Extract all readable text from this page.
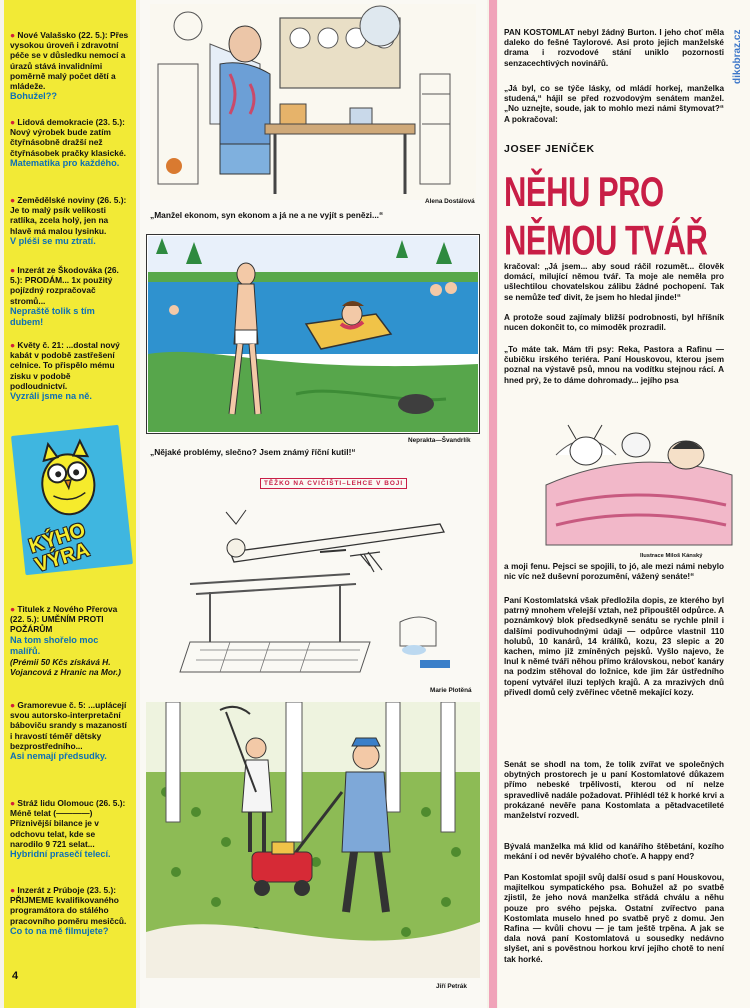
● Nové Valašsko (22. 5.): Přes vysokou úroveň i zdravotní péče se v důsledku nemocí a úrazů stává invalidními poměrně malý počet dětí a mládeže.
Bohužel??
● Lidová demokracie (23. 5.): Nový výrobek bude zatím čtyřnásobně dražší než čtyřnásobek pračky klasické.
Matematika pro každého.
● Zemědělské noviny (26. 5.): Je to malý psík velikosti ratlíka, zcela holý, jen na hlavě má malou lysinku.
V pléši se mu ztratí.
● Inzerát ze Škodováka (26. 5.): PRODÁM... 1x použitý pojízdný rozpračovač stromů...
Nepraště tolik s tím dubem!
● Květy č. 21: ...dostal nový kabát v podobě zastřešení celnice. To přispělo mému zisku v podobě podloudnictví.
Vyzráli jsme na ně.
KÝHO VÝRA
● Titulek z Nového Přerova (22. 5.): UMĚNÍM PROTI POŽÁRŮM
Na tom shořelo moc malířů.
(Prémii 50 Kčs získává H. Vojancová z Hranic na Mor.)
● Gramorevue č. 5: ...uplácejí svou autorsko-interpretační báboviču srandy s mazaností i hravostí téměř dětsky bezprostředního...
Asi nemají předsudky.
● Stráž lidu Olomouc (26. 5.): Méně telat (————) Příznivější bilance je v odchovu telat, kde se narodilo 9 721 selat...
Hybridní prasečí telecí.
● Inzerát z Prúboje (23. 5.): PŘIJMEME kvalifikovaného programátora do stálého pracovního poměru mesičců.
Co to na mě filmujete?
4
Alena Dostálová
„Manžel ekonom, syn ekonom a já ne a ne vyjít s penězi...“
Neprakta—Švandrlík
„Nějaké problémy, slečno? Jsem známý říční kutil!“
TĚŽKO NA CVIČIŠTI–LEHCE V BOJI
Marie Plotěná
Jiří Petrák
dikobraz.cz
PAN KOSTOMLAT nebyl žádný Burton. I jeho choť měla daleko do fešné Taylorové. Asi proto jejich manželské drama i rozvodové stání uniklo pozornosti senzacechtivých novinářů.
„Já byl, co se týče lásky, od mládí horkej, manželka studená,“ hájil se před rozvodovým senátem manžel. „No uznejte, soude, jak to mohlo mezi námi štymovat?“ A pokračoval:
JOSEF JENÍČEK
NĚHU PRO NĚMOU TVÁŘ
kračoval: „Já jsem... aby soud ráčil rozumět... člověk domácí, milující němou tvář. Ta moje ale neměla pro ušlechtilou chovatelskou zálibu žádné pochopení. Tak se nemůže teď divit, že jsem ho hledal jinde!“
A protože soud zajímaly bližší podrobnosti, byl hříšník nucen dokončit to, co mimoděk prozradil.
„To máte tak. Mám tři psy: Reka, Pastora a Rafinu — čubičku irského teriéra. Paní Houskovou, kterou jsem poznal na výstavě psů, mnou na vodítku stejnou rácí. A hned prý, že to dáme dohromady... jejího psa
Ilustrace Miloš Kánský
a moji fenu. Pejsci se spojili, to jó, ale mezi námi nebylo nic víc než duševní porozumění, vážený senáte!“
Paní Kostomlatská však předložila dopis, ze kterého byl patrný mnohem vřelejší vztah, než připouštěl odpůrce. A poznámkový blok předsedkyně senátu se rychle plnil i dalšími podivuhodnými údaji — odpůrce vlastnil 110 holubů, 10 kanárů, 14 králíků, kozu, 23 slepic a 20 kachen, mimo již zmíněných pejsků. Vyšlo najevo, že lnul k němé tváři něhou přímo královskou, neboť kanáry na podzim stěhoval do ložnice, kde jim žár ústředního topení vytvářel iluzi teplých krajů. A za mrazivých dnů přivedl domů celý zvěřinec včetně mekající kozy.
Senát se shodl na tom, že tolik zvířat ve společných obytných prostorech je u paní Kostomlatové důkazem přímo nebeské trpělivosti, kterou od ní nelze spravedlivě nadále požadovat. Přihlédl též k horké krvi a prokázané nevěře pana Kostomlata a pětadvacetileté manželství rozvedl.
Bývalá manželka má klid od kanářího štěbetání, kozího mekání i od nevěr bývalého choťe. A happy end?
Pan Kostomlat spojil svůj další osud s paní Houskovou, majitelkou sympatického psa. Bohužel až po svatbě zjistil, že jeho nová manželka střádá chválu a něhu pouze pro svého pejska. Ostatní zvířectvo pana Kostomlata muselo hned po svatbě pryč z domu. Jen Rafina — kvůli chovu — je tam ještě trpěna. A jak se dala nová paní Kostomlatová u sousedky nedávno slyšet, ani s pověstnou horkou krví jejího chotě to není tak horké.
